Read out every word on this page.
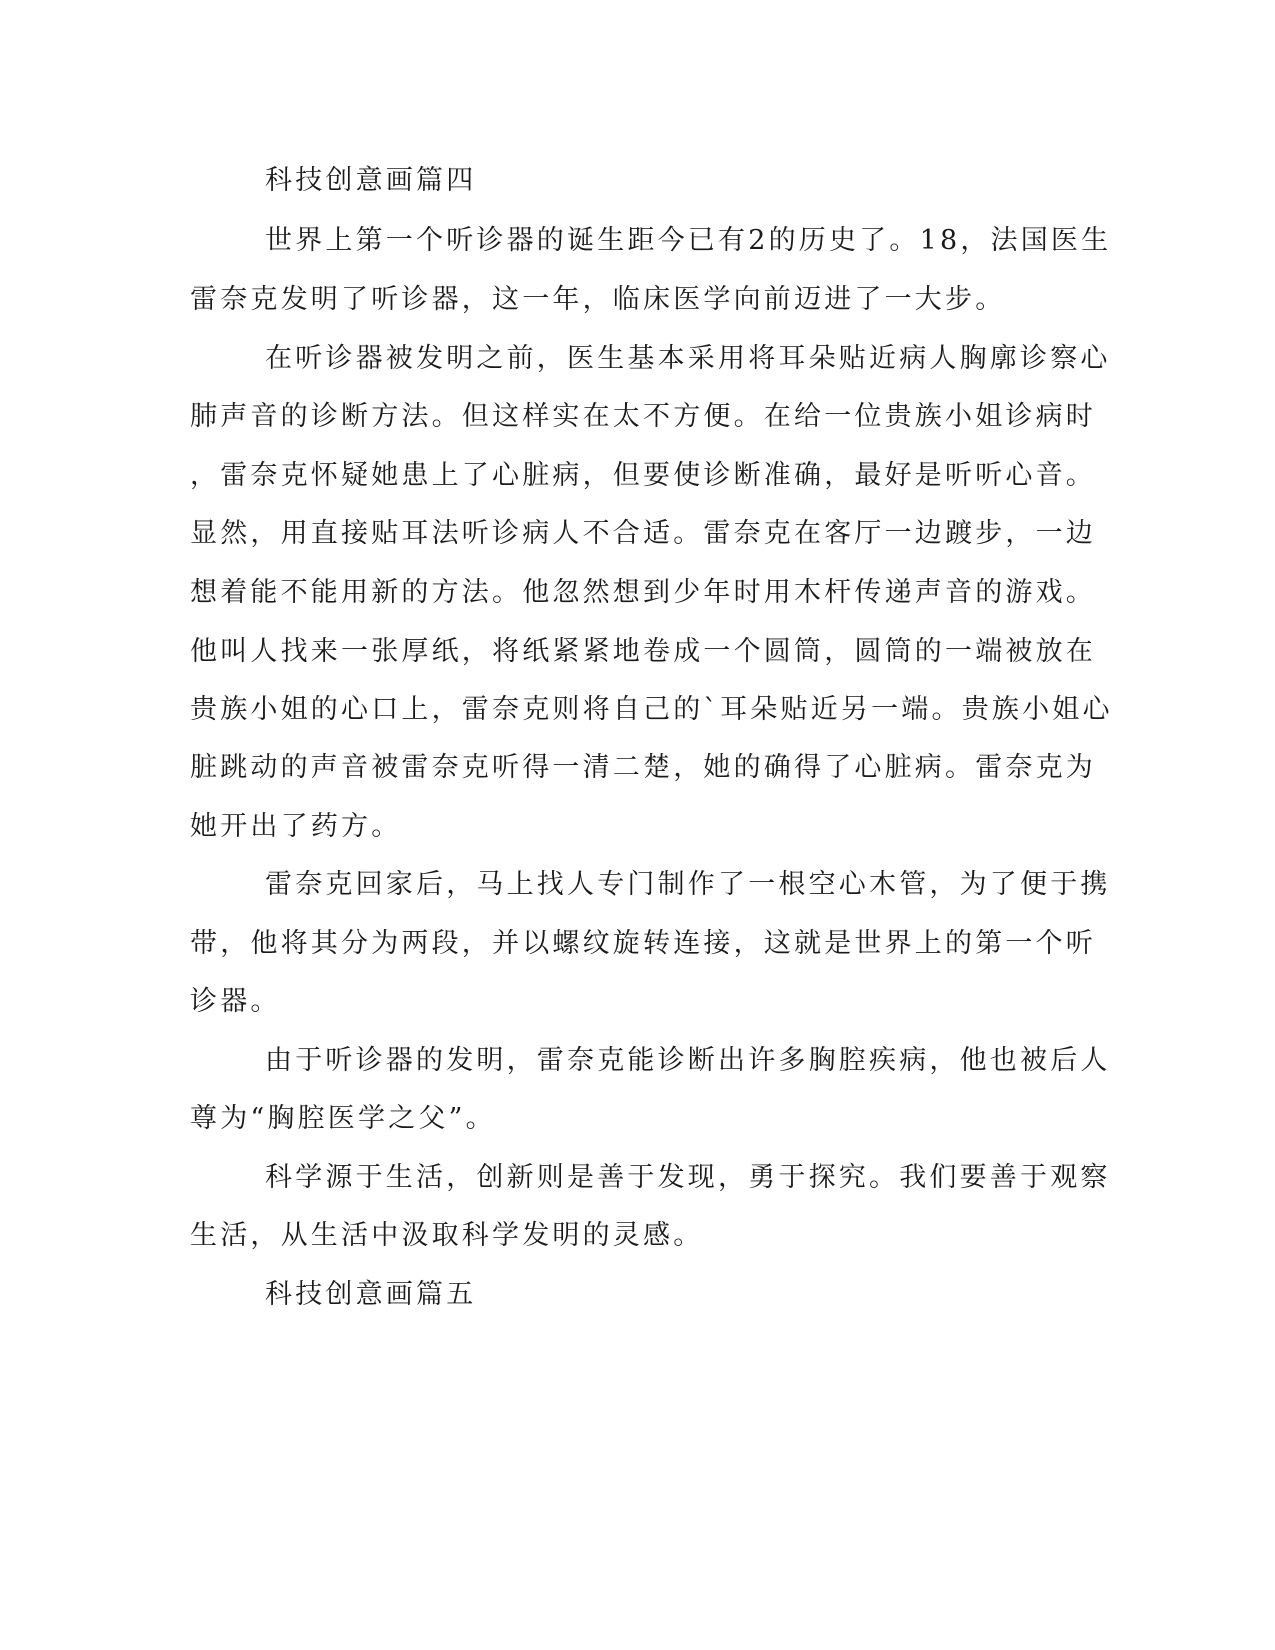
科技创意画篇四
世界上第一个听诊器的诞生距今已有2的历史了。18，法国医生
雷奈克发明了听诊器，这一年，临床医学向前迈进了一大步。
在听诊器被发明之前，医生基本采用将耳朵贴近病人胸廓诊察心
肺声音的诊断方法。但这样实在太不方便。在给一位贵族小姐诊病时
，雷奈克怀疑她患上了心脏病，但要使诊断准确，最好是听听心音。
显然，用直接贴耳法听诊病人不合适。雷奈克在客厅一边踱步，一边
想着能不能用新的方法。他忽然想到少年时用木杆传递声音的游戏。
他叫人找来一张厚纸，将纸紧紧地卷成一个圆筒，圆筒的一端被放在
贵族小姐的心口上，雷奈克则将自己的`耳朵贴近另一端。贵族小姐心
脏跳动的声音被雷奈克听得一清二楚，她的确得了心脏病。雷奈克为
她开出了药方。
雷奈克回家后，马上找人专门制作了一根空心木管，为了便于携
带，他将其分为两段，并以螺纹旋转连接，这就是世界上的第一个听
诊器。
由于听诊器的发明，雷奈克能诊断出许多胸腔疾病，他也被后人
尊为“胸腔医学之父”。
科学源于生活，创新则是善于发现，勇于探究。我们要善于观察
生活，从生活中汲取科学发明的灵感。
科技创意画篇五
